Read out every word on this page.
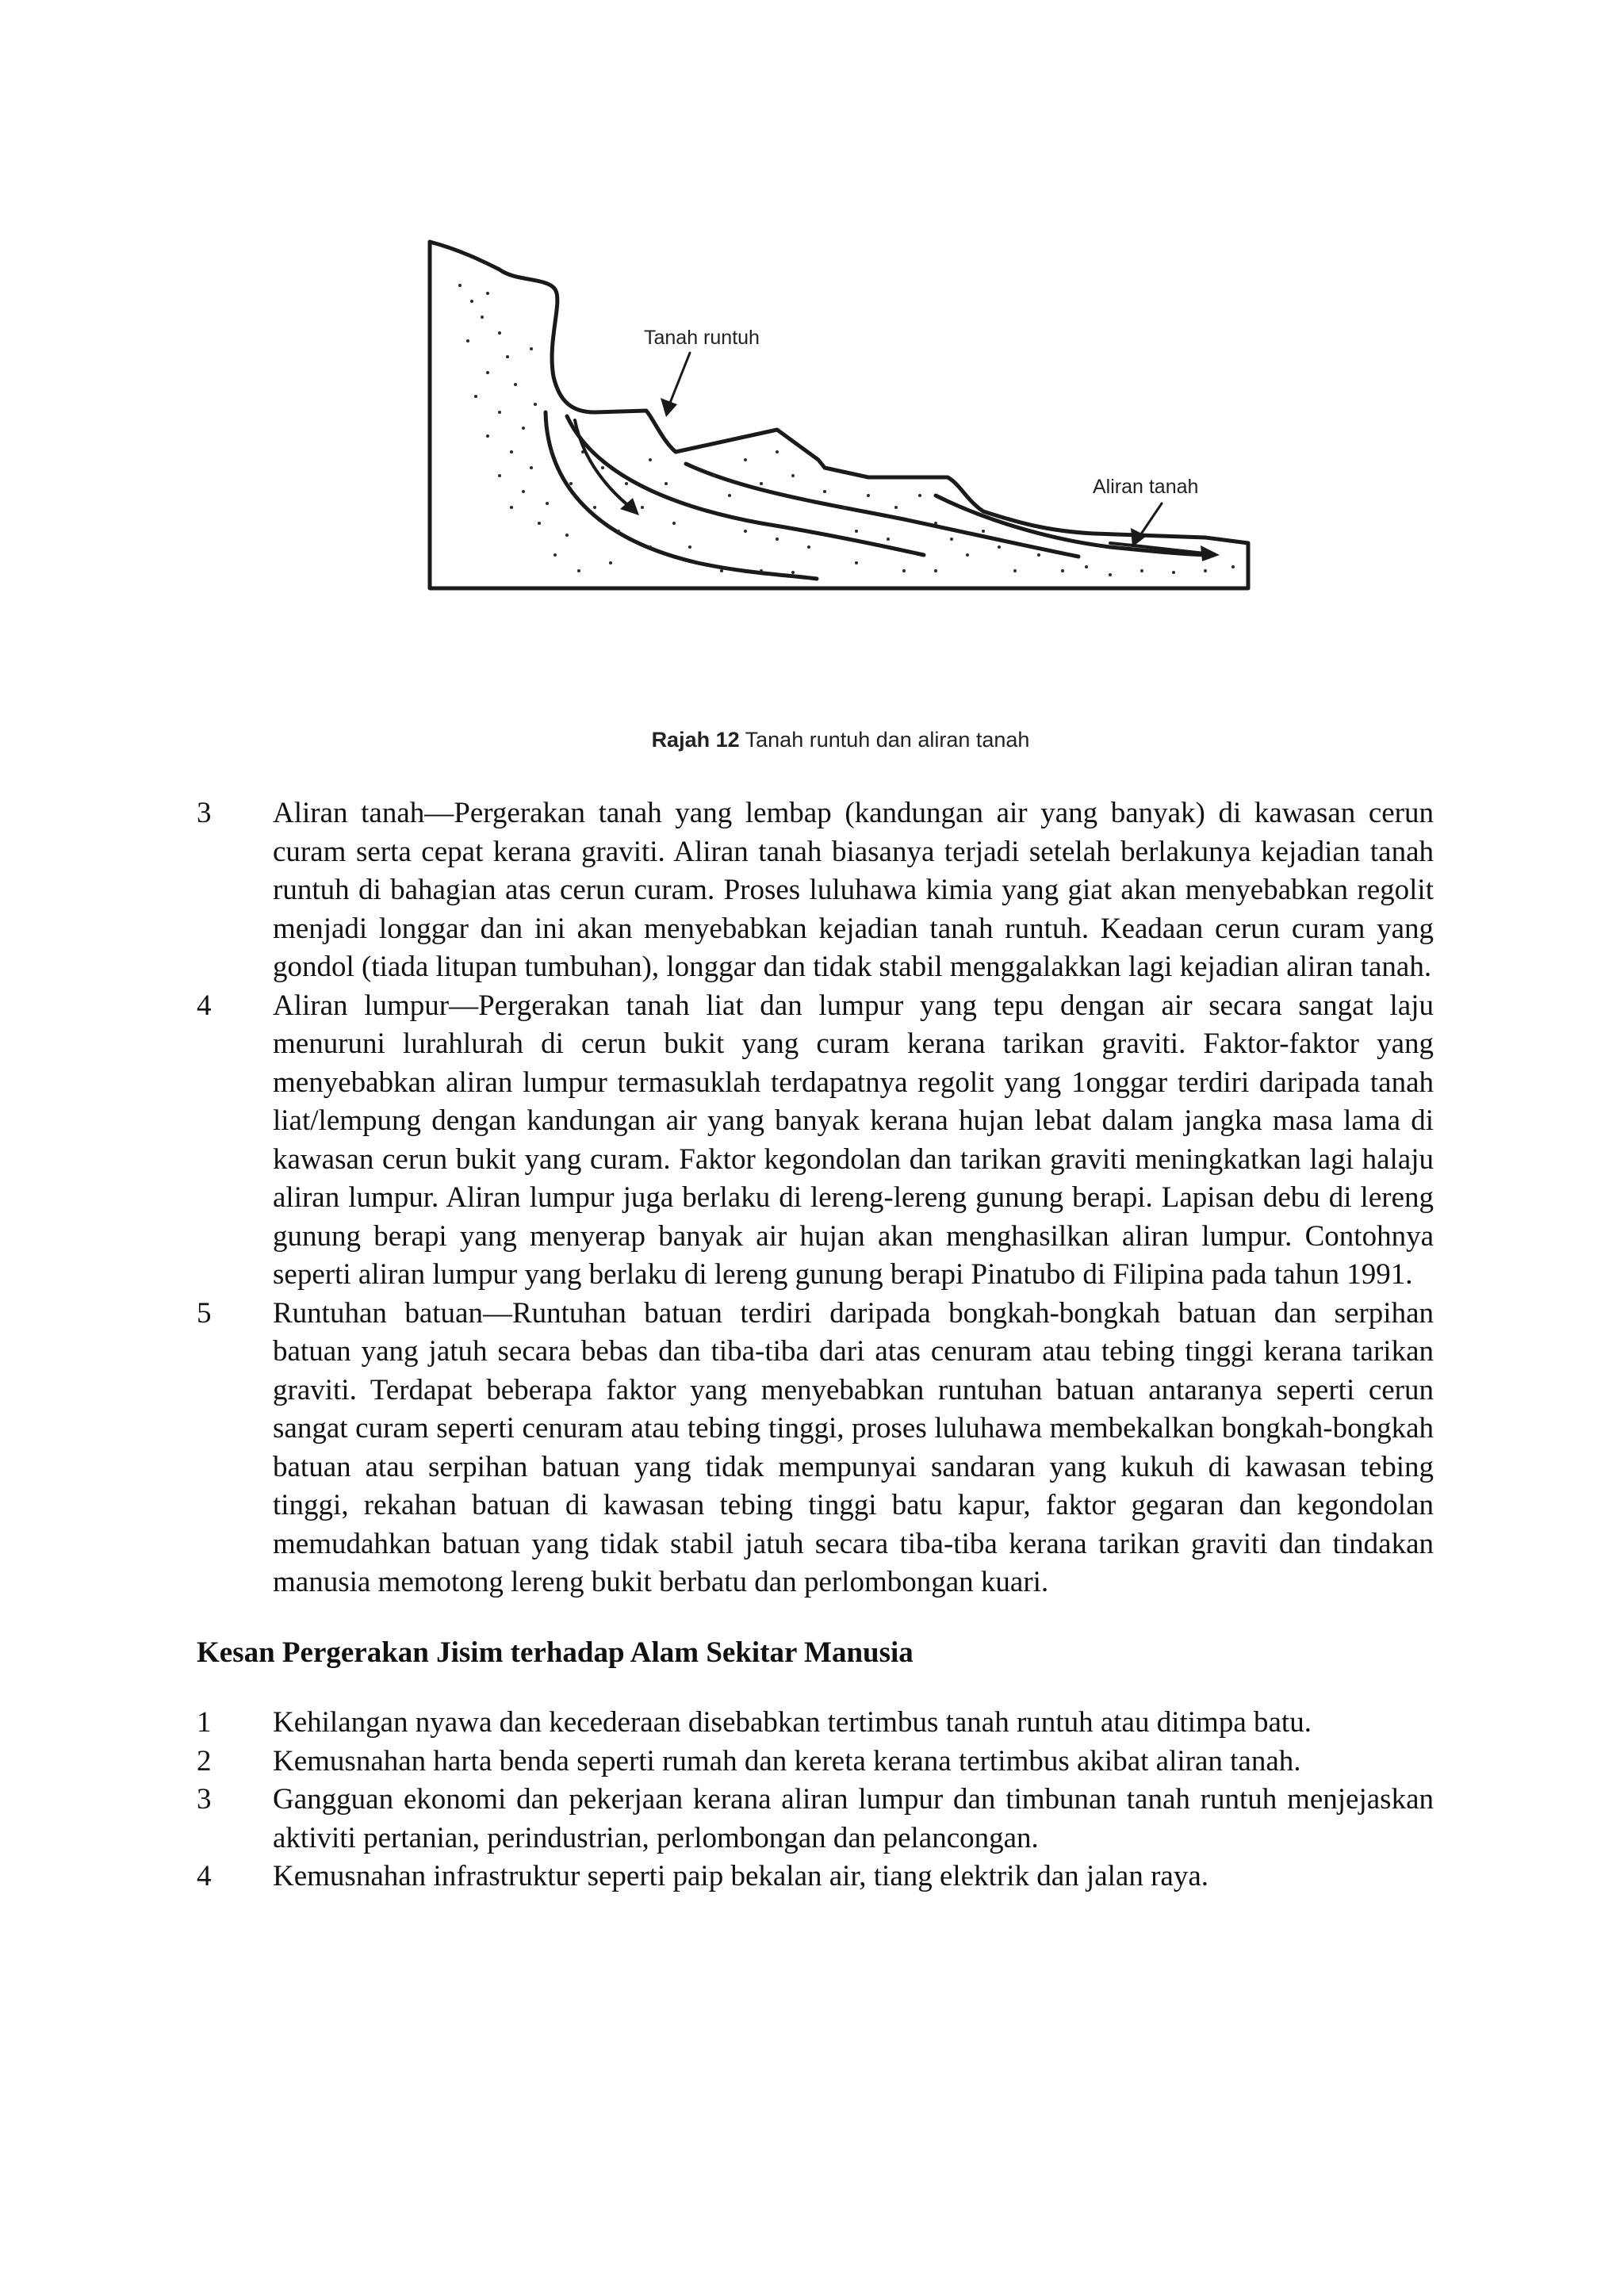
Tanah runtuh
Aliran tanah
Rajah 12 Tanah runtuh dan aliran tanah
3	Aliran tanah—Pergerakan tanah yang lembap (kandungan air yang banyak) di kawasan cerun curam serta cepat kerana graviti. Aliran tanah biasanya terjadi setelah berlakunya kejadian tanah runtuh di bahagian atas cerun curam. Proses luluhawa kimia yang giat akan menyebabkan regolit menjadi longgar dan ini akan menyebabkan kejadian tanah runtuh. Keadaan cerun curam yang gondol (tiada litupan tumbuhan), longgar dan tidak stabil menggalakkan lagi kejadian aliran tanah.
4	Aliran lumpur—Pergerakan tanah liat dan lumpur yang tepu dengan air secara sangat laju menuruni lurahlurah di cerun bukit yang curam kerana tarikan graviti. Faktor-faktor yang menyebabkan aliran lumpur termasuklah terdapatnya regolit yang 1onggar terdiri daripada tanah liat/lempung dengan kandungan air yang banyak kerana hujan lebat dalam jangka masa lama di kawasan cerun bukit yang curam. Faktor kegondolan dan tarikan graviti meningkatkan lagi halaju aliran lumpur. Aliran lumpur juga berlaku di lereng-lereng gunung berapi. Lapisan debu di lereng gunung berapi yang menyerap banyak air hujan akan menghasilkan aliran lumpur. Contohnya seperti aliran lumpur yang berlaku di lereng gunung berapi Pinatubo di Filipina pada tahun 1991.
5	Runtuhan batuan—Runtuhan batuan terdiri daripada bongkah-bongkah batuan dan serpihan batuan yang jatuh secara bebas dan tiba-tiba dari atas cenuram atau tebing tinggi kerana tarikan graviti. Terdapat beberapa faktor yang menyebabkan runtuhan batuan antaranya seperti cerun sangat curam seperti cenuram atau tebing tinggi, proses luluhawa membekalkan bongkah-bongkah batuan atau serpihan batuan yang tidak mempunyai sandaran yang kukuh di kawasan tebing tinggi, rekahan batuan di kawasan tebing tinggi batu kapur, faktor gegaran dan kegondolan memudahkan batuan yang tidak stabil jatuh secara tiba-tiba kerana tarikan graviti dan tindakan manusia memotong lereng bukit berbatu dan perlombongan kuari.
Kesan Pergerakan Jisim terhadap Alam Sekitar Manusia
1	Kehilangan nyawa dan kecederaan disebabkan tertimbus tanah runtuh atau ditimpa batu.
2	Kemusnahan harta benda seperti rumah dan kereta kerana tertimbus akibat aliran tanah.
3	Gangguan ekonomi dan pekerjaan kerana aliran lumpur dan timbunan tanah runtuh menjejaskan aktiviti pertanian, perindustrian, perlombongan dan pelancongan.
4	Kemusnahan infrastruktur seperti paip bekalan air, tiang elektrik dan jalan raya.
